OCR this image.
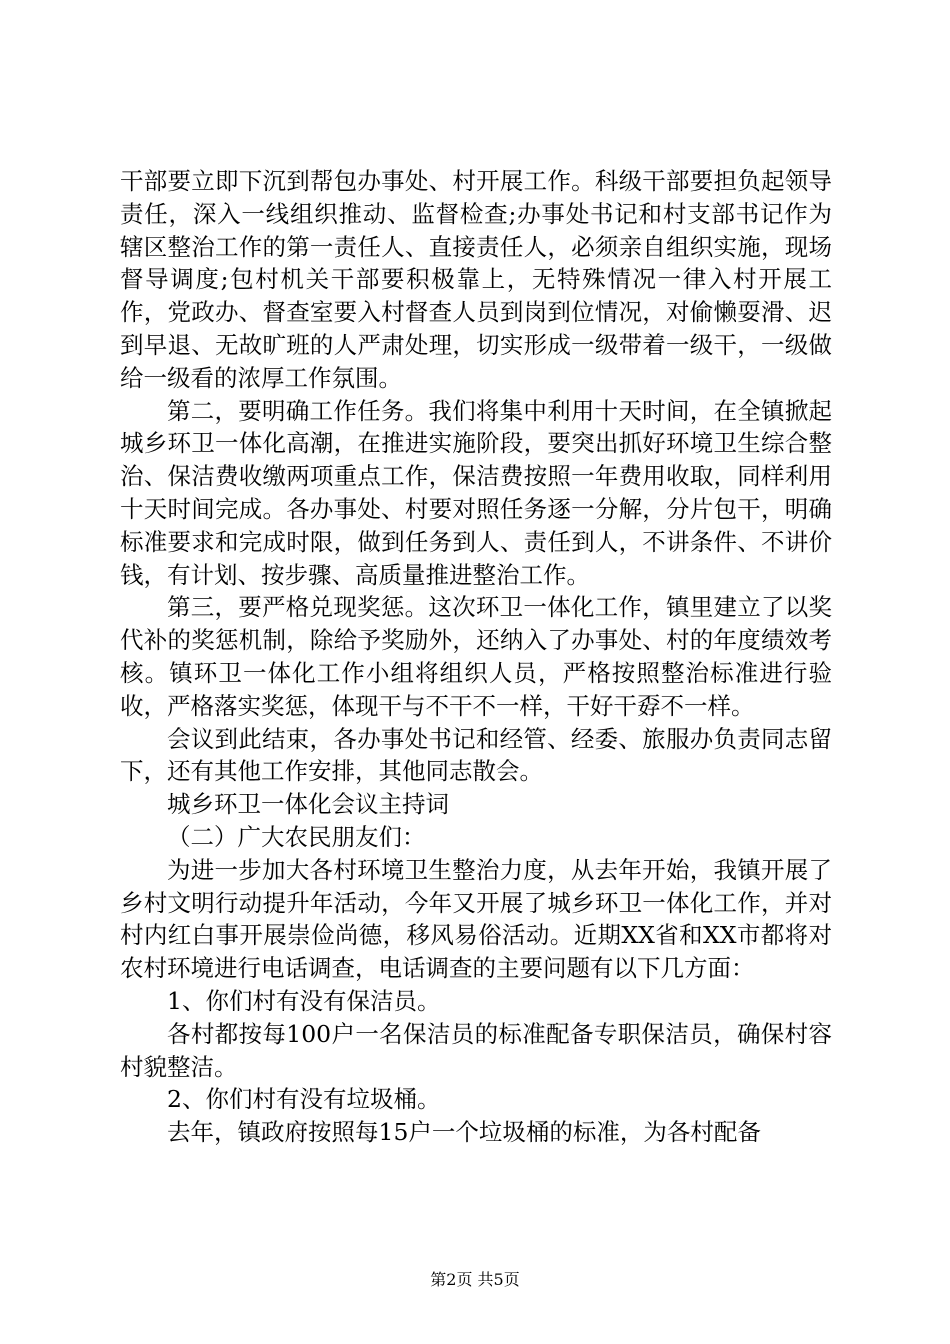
干部要立即下沉到帮包办事处、村开展工作。科级干部要担负起领导责任，深入一线组织推动、监督检查;办事处书记和村支部书记作为辖区整治工作的第一责任人、直接责任人，必须亲自组织实施，现场督导调度;包村机关干部要积极靠上，无特殊情况一律入村开展工作，党政办、督查室要入村督查人员到岗到位情况，对偷懒耍滑、迟到早退、无故旷班的人严肃处理，切实形成一级带着一级干，一级做给一级看的浓厚工作氛围。

第二，要明确工作任务。我们将集中利用十天时间，在全镇掀起城乡环卫一体化高潮，在推进实施阶段，要突出抓好环境卫生综合整治、保洁费收缴两项重点工作，保洁费按照一年费用收取，同样利用十天时间完成。各办事处、村要对照任务逐一分解，分片包干，明确标准要求和完成时限，做到任务到人、责任到人，不讲条件、不讲价钱，有计划、按步骤、高质量推进整治工作。

第三，要严格兑现奖惩。这次环卫一体化工作，镇里建立了以奖代补的奖惩机制，除给予奖励外，还纳入了办事处、村的年度绩效考核。镇环卫一体化工作小组将组织人员，严格按照整治标准进行验收，严格落实奖惩，体现干与不干不一样，干好干孬不一样。

会议到此结束，各办事处书记和经管、经委、旅服办负责同志留下，还有其他工作安排，其他同志散会。

城乡环卫一体化会议主持词

（二）广大农民朋友们：

为进一步加大各村环境卫生整治力度，从去年开始，我镇开展了乡村文明行动提升年活动，今年又开展了城乡环卫一体化工作，并对村内红白事开展崇俭尚德，移风易俗活动。近期XX省和XX市都将对农村环境进行电话调查，电话调查的主要问题有以下几方面：

1、你们村有没有保洁员。

各村都按每100户一名保洁员的标准配备专职保洁员，确保村容村貌整洁。

2、你们村有没有垃圾桶。

去年，镇政府按照每15户一个垃圾桶的标准，为各村配备

第2页 共5页
